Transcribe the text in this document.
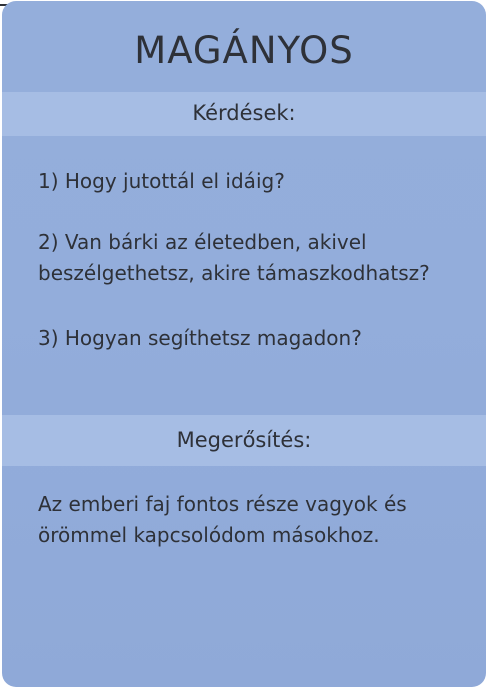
MAGÁNYOS
Kérdések:
1) Hogy jutottál el idáig?
2) Van bárki az életedben, akivel beszélgethetsz, akire támaszkodhatsz?
3) Hogyan segíthetsz magadon?
Megerősítés:
Az emberi faj fontos része vagyok és örömmel kapcsolódom másokhoz.
